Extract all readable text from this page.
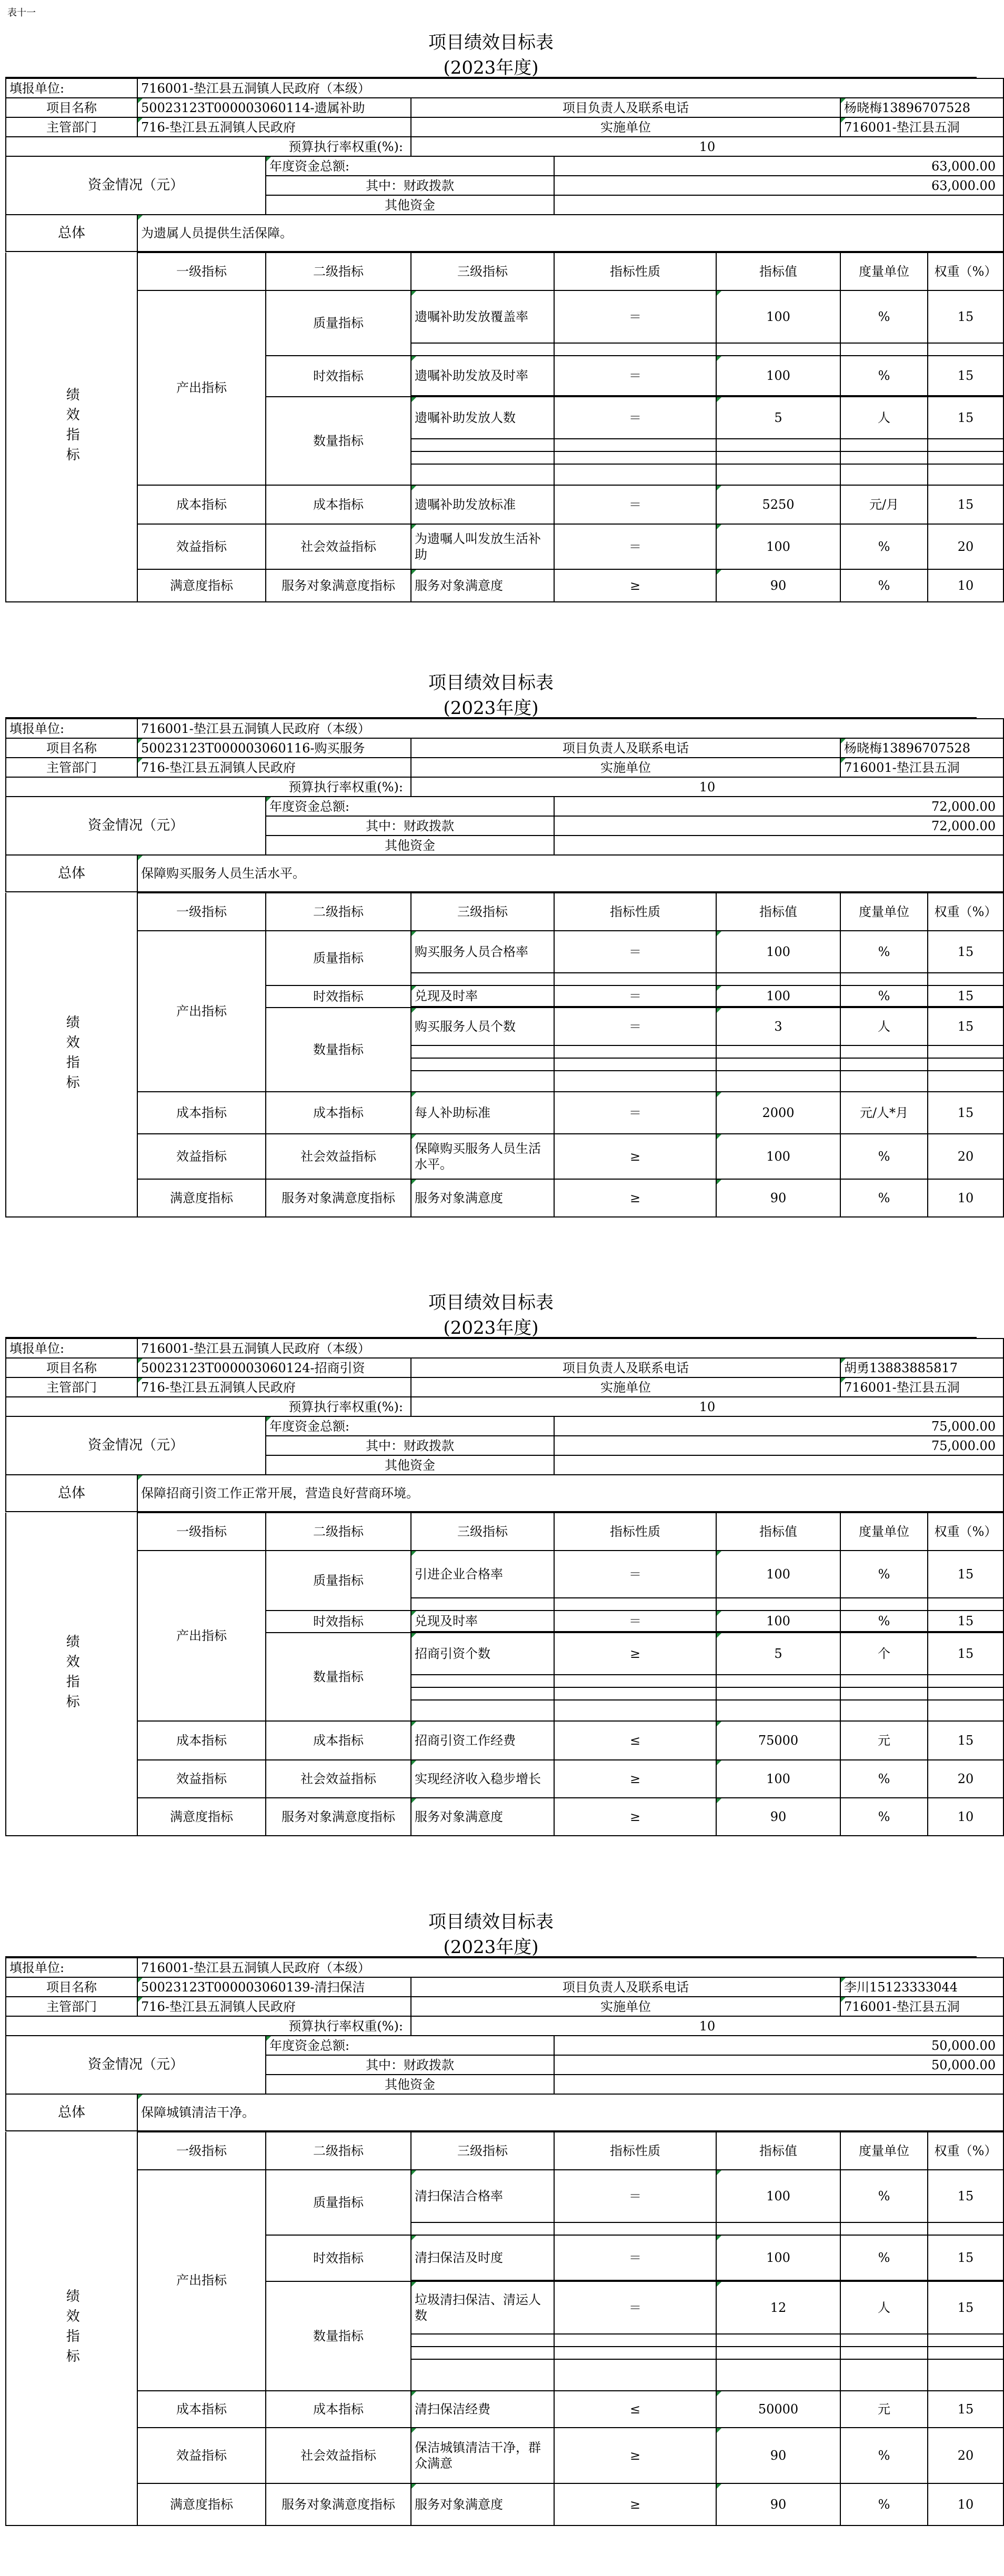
表十一
项目绩效目标表
(2023年度)
填报单位:	716001-垫江县五洞镇人民政府（本级）				
项目名称	50023123T000003060114-遗属补助		项目负责人及联系电话		杨晓梅13896707528
主管部门	716-垫江县五洞镇人民政府		实施单位		716001-垫江县五洞
预算执行率权重(%):			10		
资金情况（元）		年度资金总额:		63,000.00	
		其中：财政拨款		63,000.00	
		其他资金			
总体	为遗属人员提供生活保障。				
绩效指标	一级指标	二级指标	三级指标	指标性质	指标值	度量单位	权重（%）
	产出指标	质量指标	遗嘱补助发放覆盖率	＝	100	%	15

		时效指标	遗嘱补助发放及时率	＝	100	%	15

		数量指标	遗嘱补助发放人数	＝	5	人	15

	成本指标	成本指标	遗嘱补助发放标准	＝	5250	元/月	15
	效益指标	社会效益指标	为遗嘱人叫发放生活补助	＝	100	%	20
	满意度指标	服务对象满意度指标	服务对象满意度	≥	90	%	10
项目绩效目标表
(2023年度)
填报单位:	716001-垫江县五洞镇人民政府（本级）				
项目名称	50023123T000003060116-购买服务		项目负责人及联系电话		杨晓梅13896707528
主管部门	716-垫江县五洞镇人民政府		实施单位		716001-垫江县五洞
预算执行率权重(%):			10		
资金情况（元）		年度资金总额:		72,000.00	
		其中：财政拨款		72,000.00	
		其他资金			
总体	保障购买服务人员生活水平。				
绩效指标	一级指标	二级指标	三级指标	指标性质	指标值	度量单位	权重（%）
	产出指标	质量指标	购买服务人员合格率	＝	100	%	15

		时效指标	兑现及时率	＝	100	%	15

		数量指标	购买服务人员个数	＝	3	人	15

	成本指标	成本指标	每人补助标准	＝	2000	元/人*月	15
	效益指标	社会效益指标	保障购买服务人员生活水平。	≥	100	%	20
	满意度指标	服务对象满意度指标	服务对象满意度	≥	90	%	10
项目绩效目标表
(2023年度)
填报单位:	716001-垫江县五洞镇人民政府（本级）				
项目名称	50023123T000003060124-招商引资		项目负责人及联系电话		胡勇13883885817
主管部门	716-垫江县五洞镇人民政府		实施单位		716001-垫江县五洞
预算执行率权重(%):			10		
资金情况（元）		年度资金总额:		75,000.00	
		其中：财政拨款		75,000.00	
		其他资金			
总体	保障招商引资工作正常开展，营造良好营商环境。				
绩效指标	一级指标	二级指标	三级指标	指标性质	指标值	度量单位	权重（%）
	产出指标	质量指标	引进企业合格率	＝	100	%	15

		时效指标	兑现及时率	＝	100	%	15

		数量指标	招商引资个数	≥	5	个	15

	成本指标	成本指标	招商引资工作经费	≤	75000	元	15
	效益指标	社会效益指标	实现经济收入稳步增长	≥	100	%	20
	满意度指标	服务对象满意度指标	服务对象满意度	≥	90	%	10
项目绩效目标表
(2023年度)
填报单位:	716001-垫江县五洞镇人民政府（本级）				
项目名称	50023123T000003060139-清扫保洁		项目负责人及联系电话		李川15123333044
主管部门	716-垫江县五洞镇人民政府		实施单位		716001-垫江县五洞
预算执行率权重(%):			10		
资金情况（元）		年度资金总额:		50,000.00	
		其中：财政拨款		50,000.00	
		其他资金			
总体	保障城镇清洁干净。				
绩效指标	一级指标	二级指标	三级指标	指标性质	指标值	度量单位	权重（%）
	产出指标	质量指标	清扫保洁合格率	＝	100	%	15

		时效指标	清扫保洁及时度	＝	100	%	15

		数量指标	垃圾清扫保洁、清运人数	＝	12	人	15

	成本指标	成本指标	清扫保洁经费	≤	50000	元	15
	效益指标	社会效益指标	保洁城镇清洁干净，群众满意	≥	90	%	20
	满意度指标	服务对象满意度指标	服务对象满意度	≥	90	%	10
